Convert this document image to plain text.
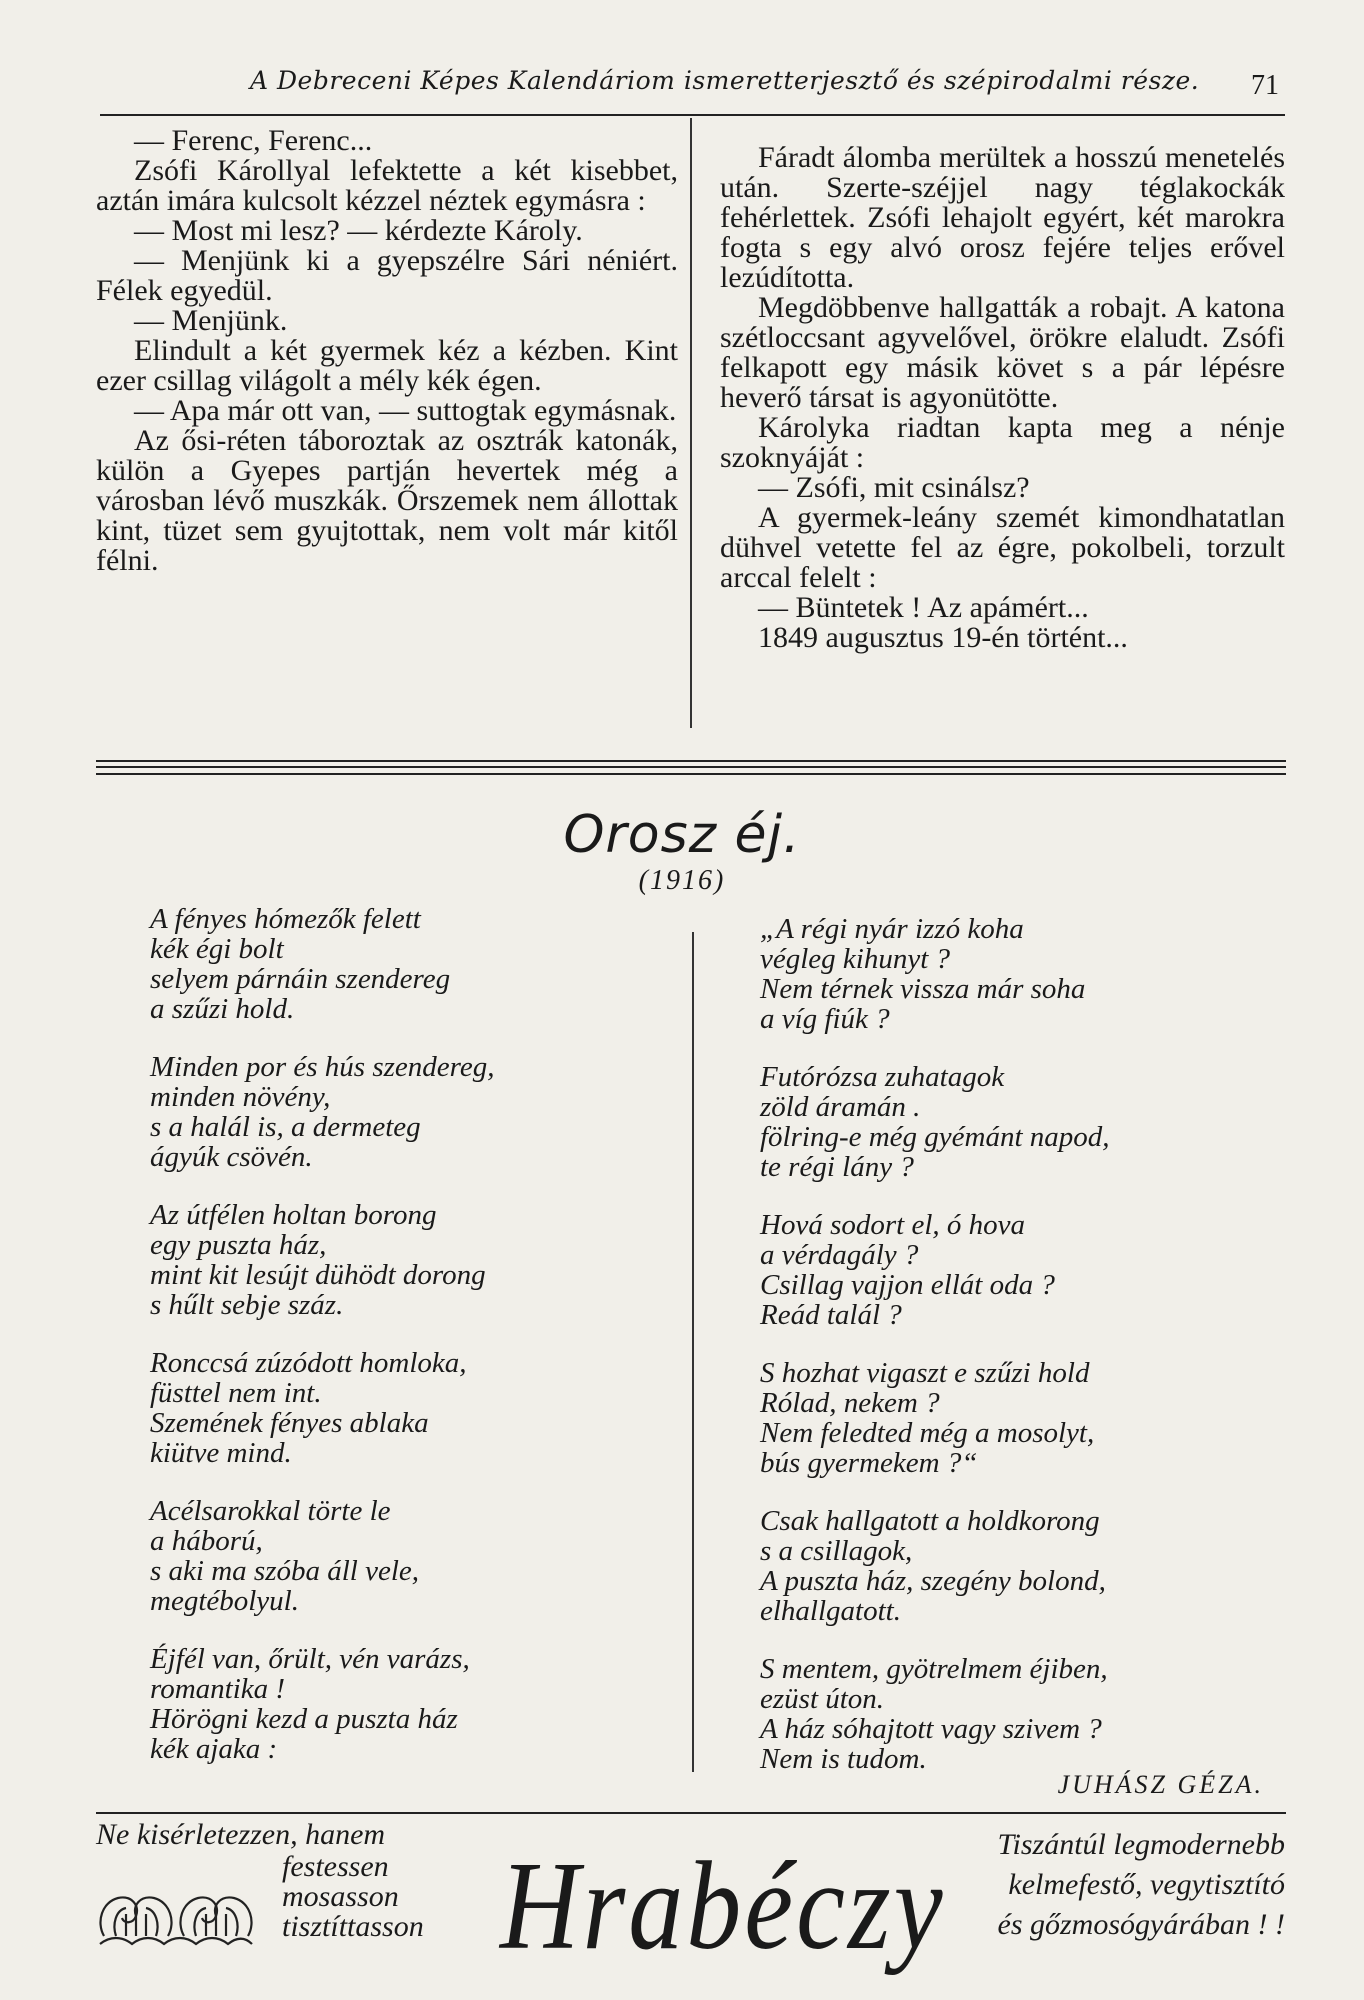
A Debreceni Képes Kalendáriom ismeretterjesztő és szépirodalmi része. 71

— Ferenc, Ferenc...

Zsófi Károllyal lefektette a két kisebbet, aztán imára kulcsolt kézzel néztek egymásra :

— Most mi lesz? — kérdezte Károly.

— Menjünk ki a gyepszélre Sári néniért. Félek egyedül.

— Menjünk.

Elindult a két gyermek kéz a kézben. Kint ezer csillag világolt a mély kék égen.

— Apa már ott van, — suttogtak egymásnak.

Az ősi-réten táboroztak az osztrák katonák, külön a Gyepes partján hevertek még a városban lévő muszkák. Őrszemek nem állottak kint, tüzet sem gyujtottak, nem volt már kitől félni.

Fáradt álomba merültek a hosszú menetelés után. Szerte-széjjel nagy téglakockák fehérlettek. Zsófi lehajolt egyért, két marokra fogta s egy alvó orosz fejére teljes erővel lezúdította.

Megdöbbenve hallgatták a robajt. A katona szétloccsant agyvelővel, örökre elaludt. Zsófi felkapott egy másik követ s a pár lépésre heverő társat is agyonütötte.

Károlyka riadtan kapta meg a nénje szoknyáját :

— Zsófi, mit csinálsz?

A gyermek-leány szemét kimondhatatlan dühvel vetette fel az égre, pokolbeli, torzult arccal felelt :

— Büntetek ! Az apámért...

1849 augusztus 19-én történt...

Orosz éj.
(1916)
A fényes hómezők felett
kék égi bolt
selyem párnáin szendereg
a szűzi hold.
Minden por és hús szendereg,
minden növény,
s a halál is, a dermeteg
ágyúk csövén.
Az útfélen holtan borong
egy puszta ház,
mint kit lesújt dühödt dorong
s hűlt sebje száz.
Ronccsá zúzódott homloka,
füsttel nem int.
Szemének fényes ablaka
kiütve mind.
Acélsarokkal törte le
a háború,
s aki ma szóba áll vele,
megtébolyul.
Éjfél van, őrült, vén varázs,
romantika !
Hörögni kezd a puszta ház
kék ajaka :
„A régi nyár izzó koha
végleg kihunyt ?
Nem térnek vissza már soha
a víg fiúk ?
Futórózsa zuhatagok
zöld áramán .
fölring-e még gyémánt napod,
te régi lány ?
Hová sodort el, ó hova
a vérdagály ?
Csillag vajjon ellát oda ?
Reád talál ?
S hozhat vigaszt e szűzi hold
Rólad, nekem ?
Nem feledted még a mosolyt,
bús gyermekem ?“
Csak hallgatott a holdkorong
s a csillagok,
A puszta ház, szegény bolond,
elhallgatott.
S mentem, gyötrelmem éjiben,
ezüst úton.
A ház sóhajtott vagy szivem ?
Nem is tudom.
JUHÁSZ GÉZA.
Ne kisérletezzen, hanem
festessen
mosasson
tisztíttasson Hrabéczy	Tiszántúl legmodernebb
kelmefestő, vegytisztító
és gőzmosógyárában ! !
